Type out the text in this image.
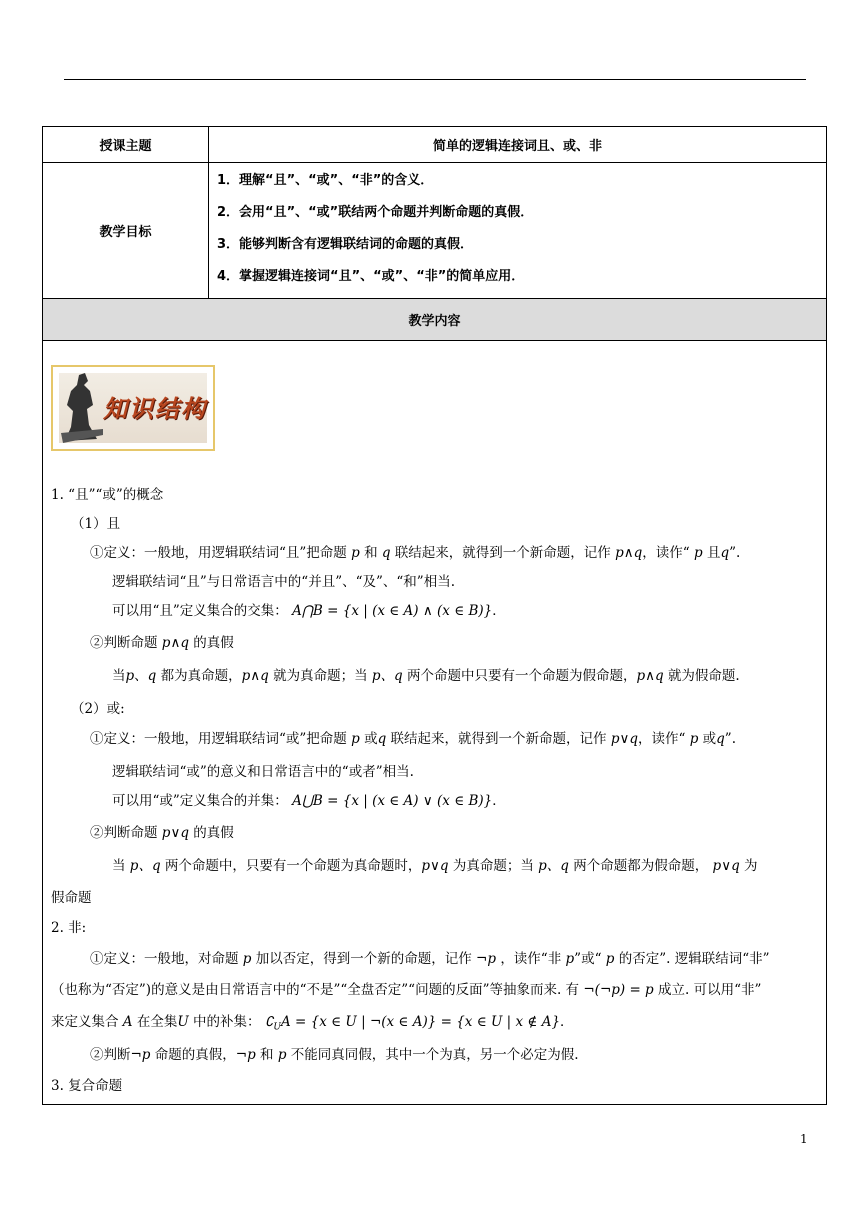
授课主题	简单的逻辑连接词且、或、非
教学目标
1．理解“且”、“或”、“非”的含义．
2．会用“且”、“或”联结两个命题并判断命题的真假．
3．能够判断含有逻辑联结词的命题的真假．
4．掌握逻辑连接词“且”、“或”、“非”的简单应用．
教学内容
知识结构
1. “且”“或”的概念
（1）且
①定义：一般地，用逻辑联结词“且”把命题 p 和 q 联结起来，就得到一个新命题，记作 p∧q，读作“ p 且q”.
逻辑联结词“且”与日常语言中的“并且”、“及”、“和”相当.
可以用“且”定义集合的交集： A⋂B = {x | (x ∈ A) ∧ (x ∈ B)}．
②判断命题 p∧q 的真假
当p、q 都为真命题，p∧q 就为真命题；当 p、q 两个命题中只要有一个命题为假命题，p∧q 就为假命题.
（2）或:
①定义：一般地，用逻辑联结词“或”把命题 p 或q 联结起来，就得到一个新命题，记作 p∨q，读作“ p 或q”.
逻辑联结词“或”的意义和日常语言中的“或者”相当.
可以用“或”定义集合的并集： A⋃B = {x | (x ∈ A) ∨ (x ∈ B)}．
②判断命题 p∨q 的真假
当 p、q 两个命题中，只要有一个命题为真命题时，p∨q 为真命题；当 p、q 两个命题都为假命题， p∨q 为
假命题
2. 非:
①定义：一般地，对命题 p 加以否定，得到一个新的命题，记作 ¬p ，读作“非 p”或“ p 的否定”. 逻辑联结词“非”
（也称为“否定”)的意义是由日常语言中的“不是”“全盘否定”“问题的反面”等抽象而来. 有 ¬(¬p) = p 成立. 可以用“非”
来定义集合 A 在全集U 中的补集： $∁_UA = \{x$ ∈ U | ¬(x ∈ A)} = {x ∈ U | x ∉ A}．
②判断¬p 命题的真假，¬p 和 p 不能同真同假，其中一个为真，另一个必定为假.
3. 复合命题
1
